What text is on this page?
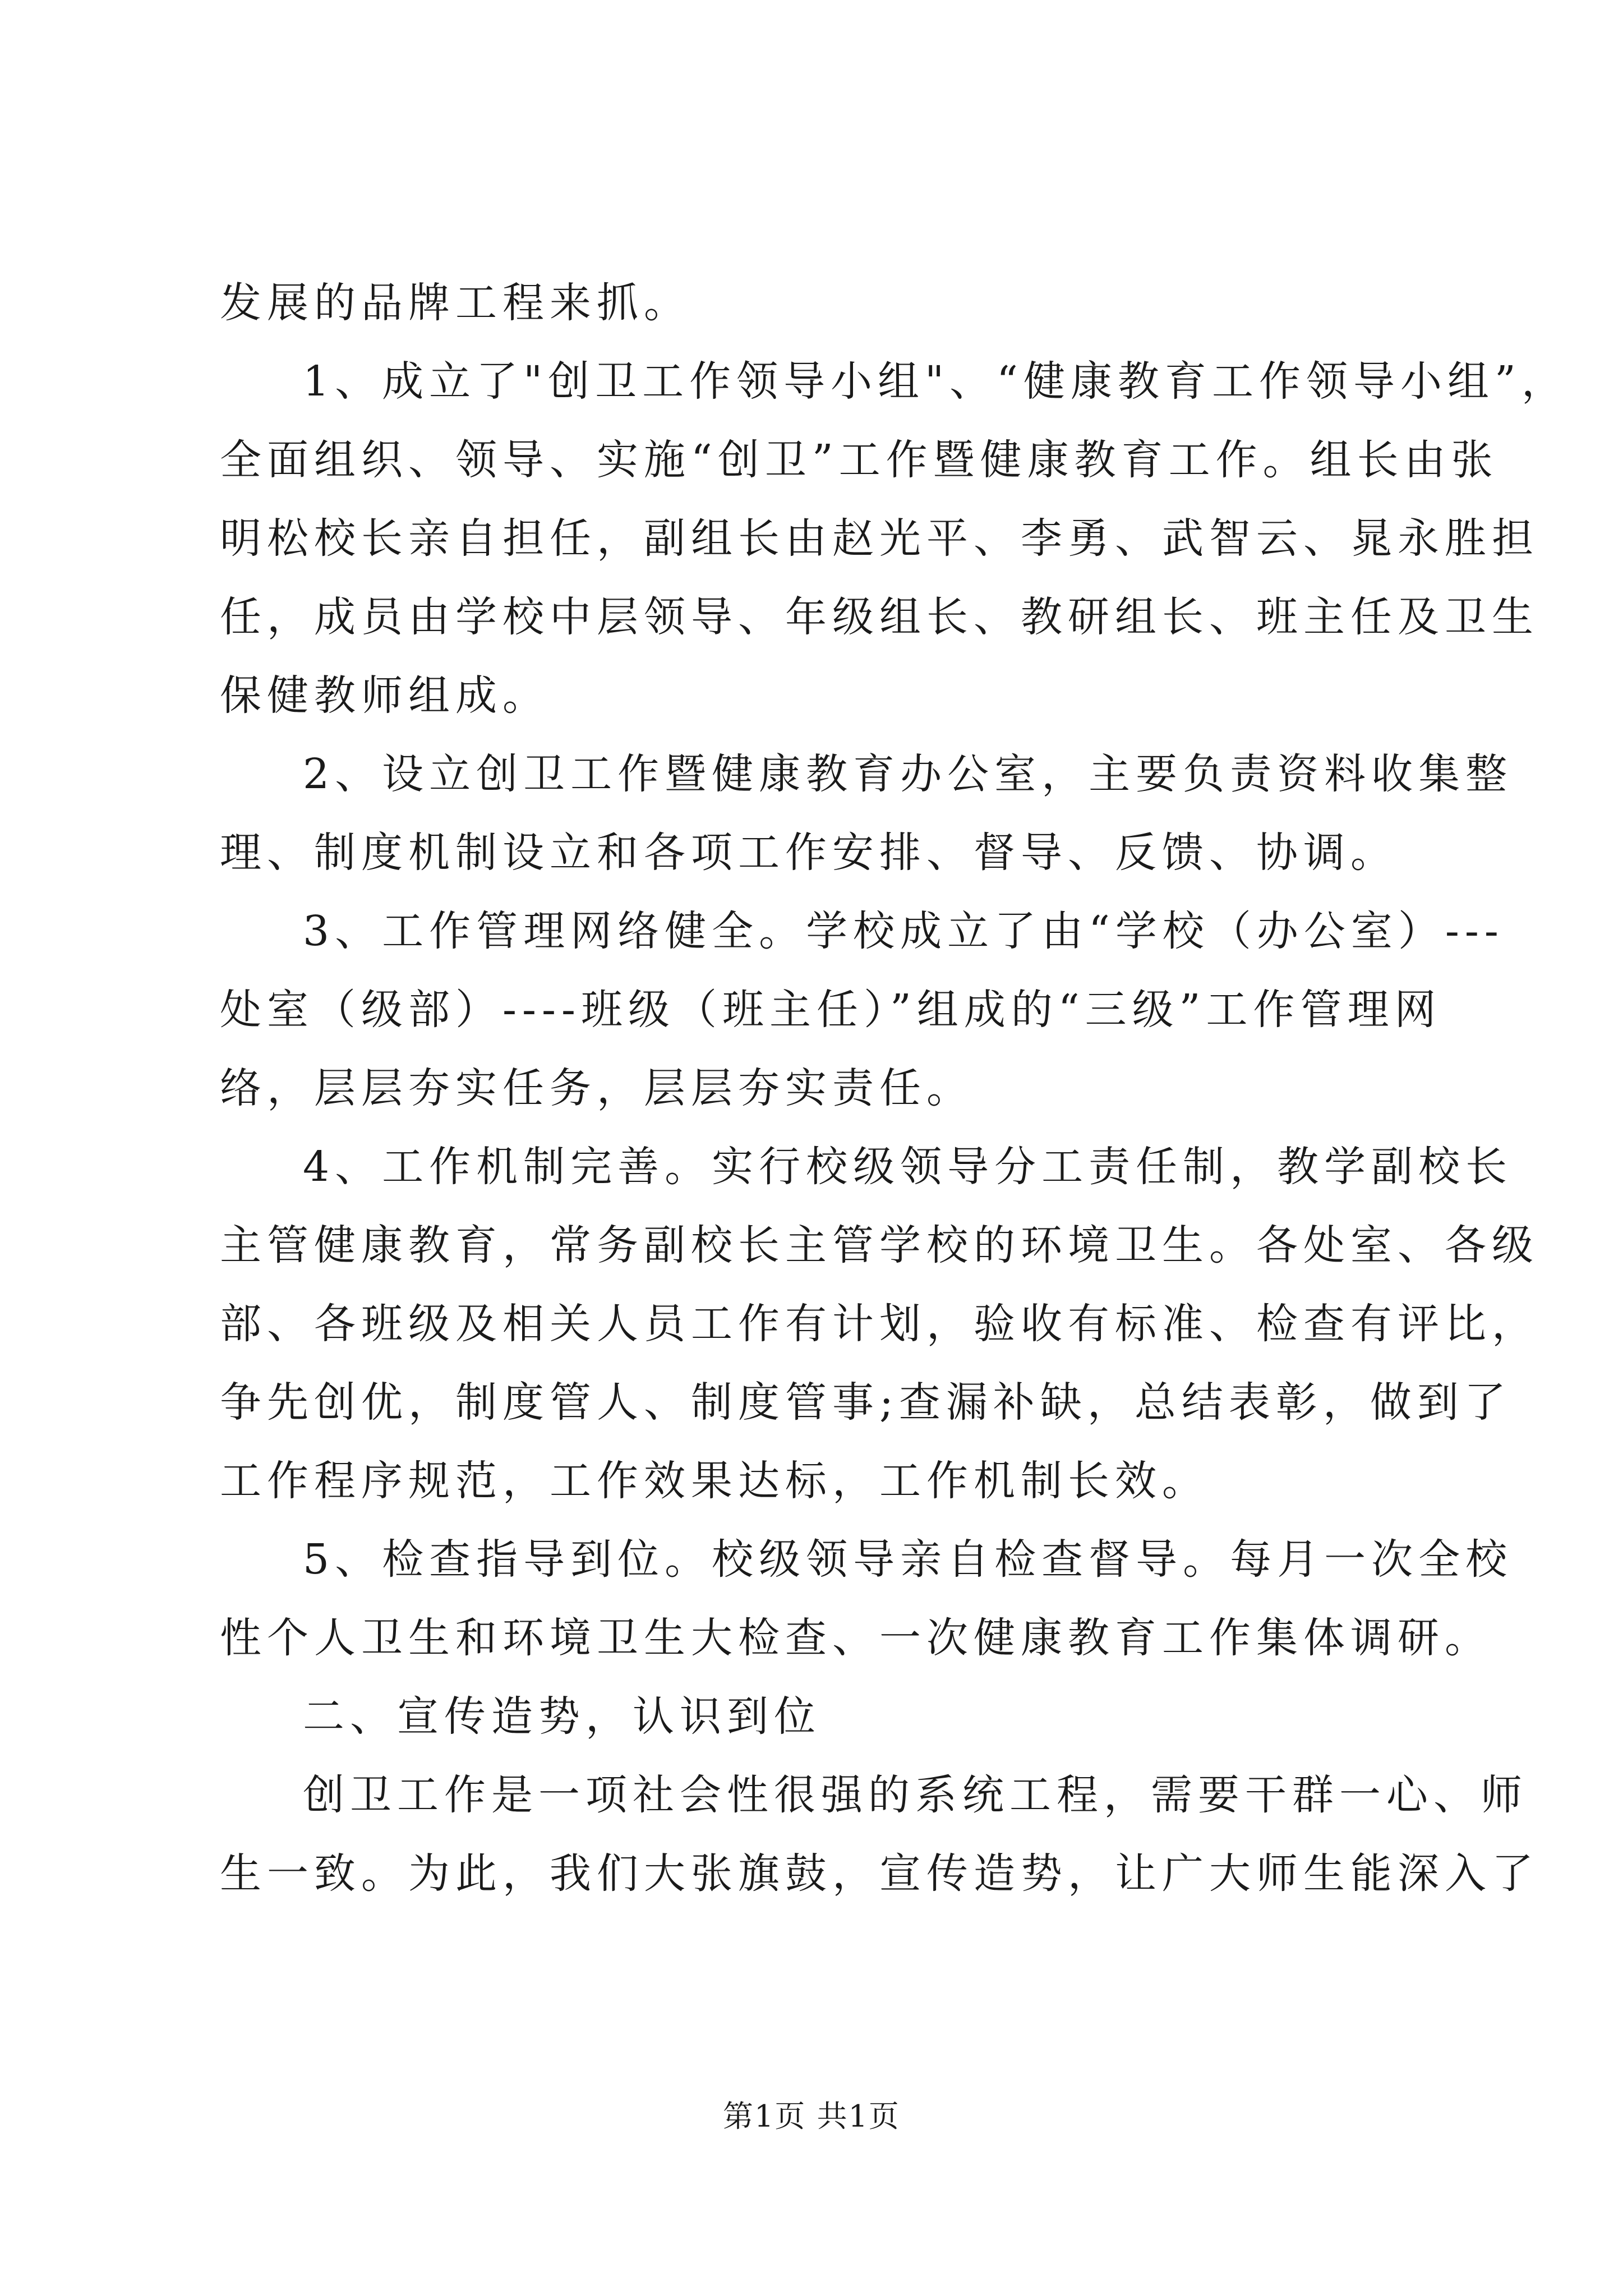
发展的品牌工程来抓。
1、成立了"创卫工作领导小组"、“健康教育工作领导小组”，
全面组织、领导、实施“创卫”工作暨健康教育工作。组长由张
明松校长亲自担任，副组长由赵光平、李勇、武智云、晁永胜担
任，成员由学校中层领导、年级组长、教研组长、班主任及卫生
保健教师组成。
2、设立创卫工作暨健康教育办公室，主要负责资料收集整
理、制度机制设立和各项工作安排、督导、反馈、协调。
3、工作管理网络健全。学校成立了由“学校（办公室）---
处室（级部）----班级（班主任）”组成的“三级”工作管理网
络，层层夯实任务，层层夯实责任。
4、工作机制完善。实行校级领导分工责任制，教学副校长
主管健康教育，常务副校长主管学校的环境卫生。各处室、各级
部、各班级及相关人员工作有计划，验收有标准、检查有评比，
争先创优，制度管人、制度管事;查漏补缺，总结表彰，做到了
工作程序规范，工作效果达标，工作机制长效。
5、检查指导到位。校级领导亲自检查督导。每月一次全校
性个人卫生和环境卫生大检查、一次健康教育工作集体调研。
二、宣传造势，认识到位
创卫工作是一项社会性很强的系统工程，需要干群一心、师
生一致。为此，我们大张旗鼓，宣传造势，让广大师生能深入了
第1页 共1页
